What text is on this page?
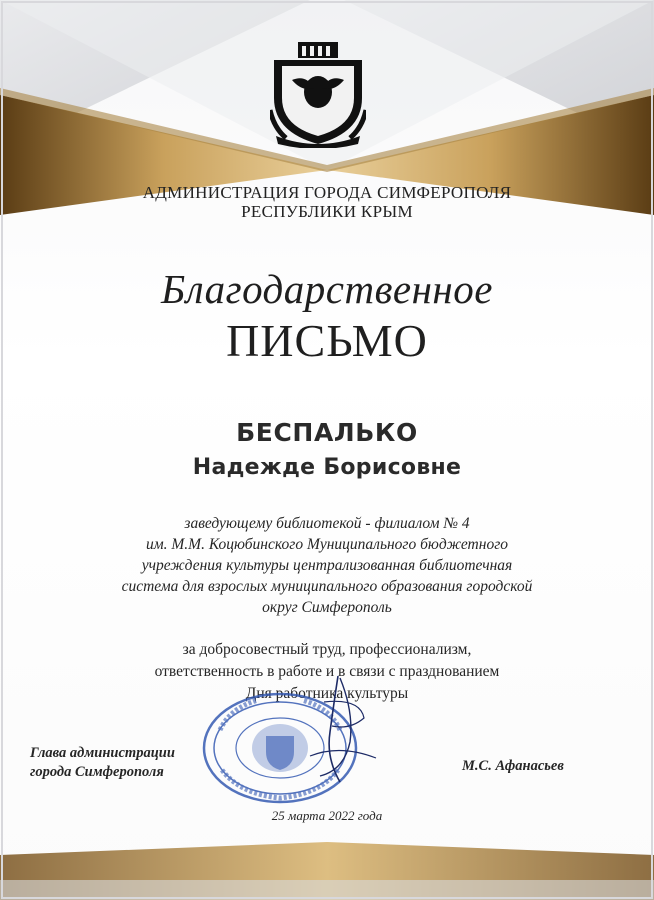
АДМИНИСТРАЦИЯ ГОРОДА СИМФЕРОПОЛЯ
РЕСПУБЛИКИ КРЫМ
Благодарственное
ПИСЬМО
БЕСПАЛЬКО
Надежде Борисовне
заведующему библиотекой - филиалом № 4
им. М.М. Коцюбинского Муниципального бюджетного
учреждения культуры централизованная библиотечная
система для взрослых муниципального образования городской
округ Симферополь
за добросовестный труд, профессионализм,
ответственность в работе и в связи с празднованием
Дня работника культуры
Глава администрации
города Симферополя	М.С. Афанасьев
25 марта 2022 года
